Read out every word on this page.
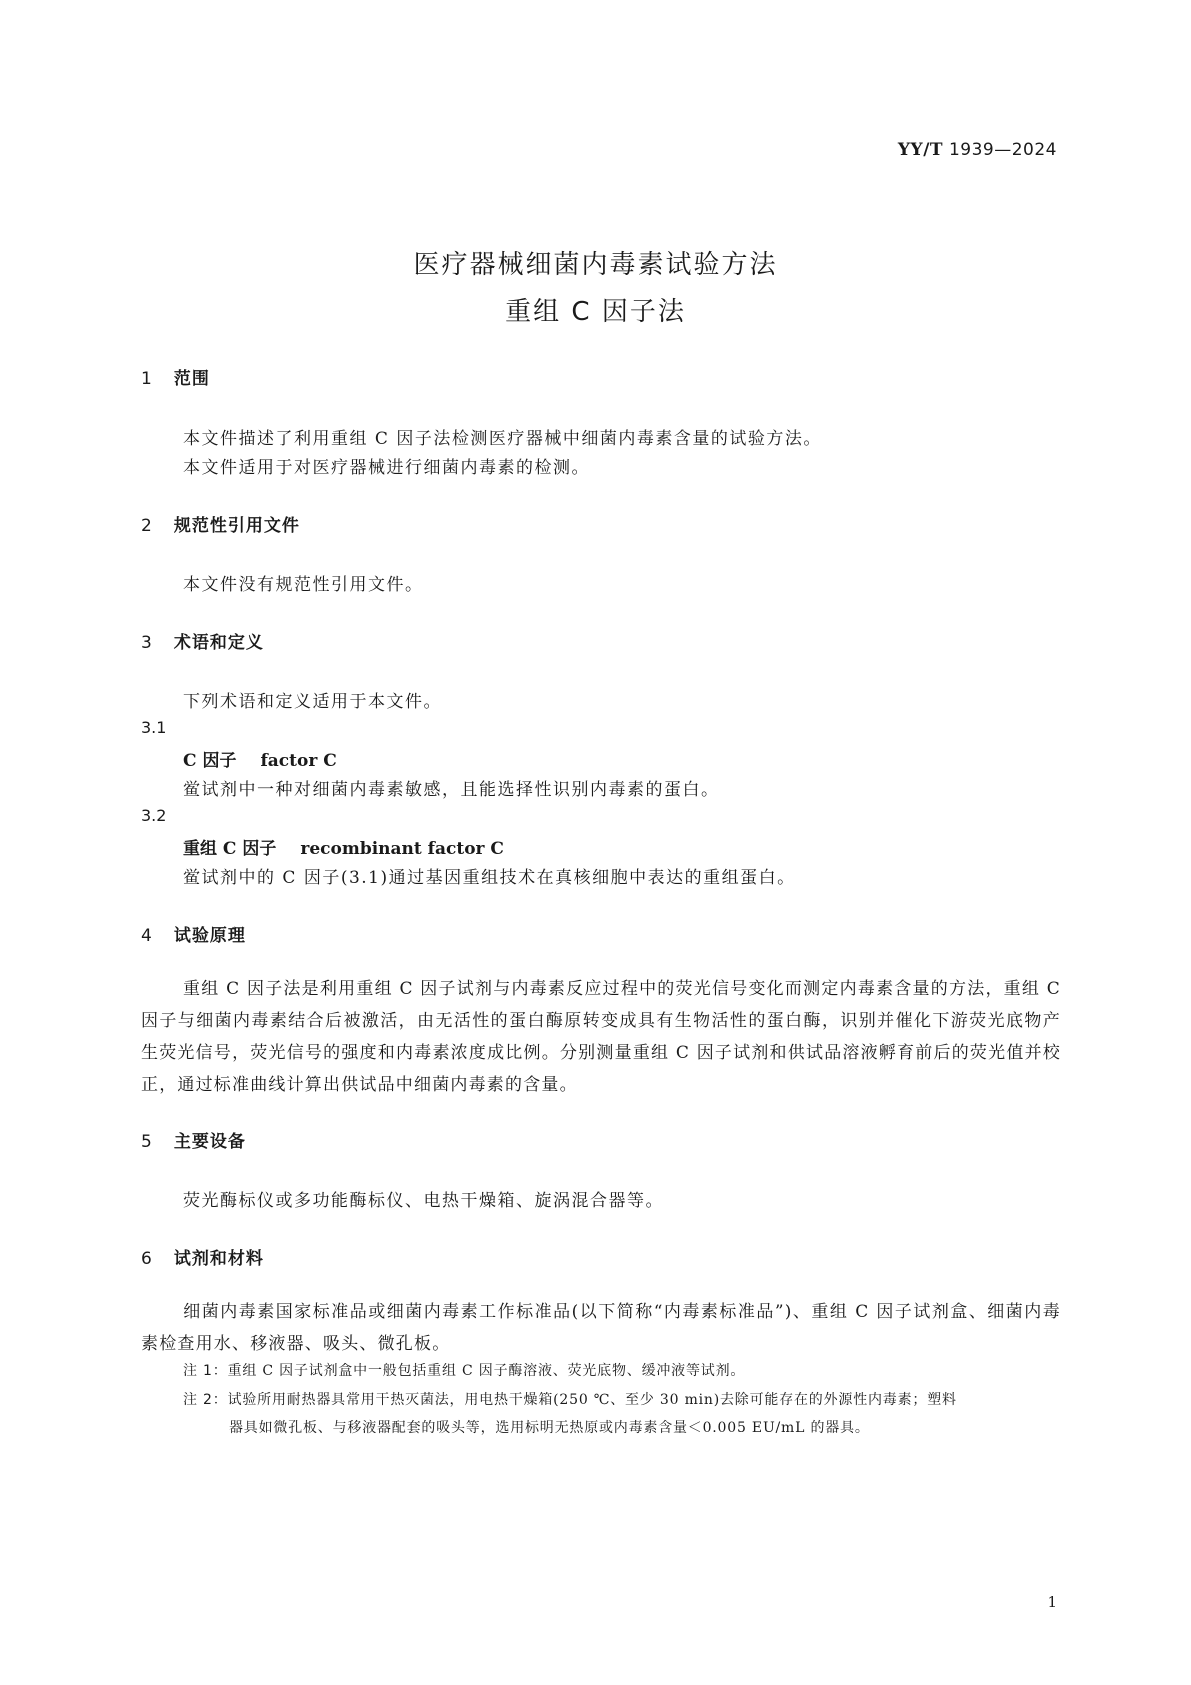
YY/T 1939—2024
医疗器械细菌内毒素试验方法
重组 C 因子法
1 范围
本文件描述了利用重组 C 因子法检测医疗器械中细菌内毒素含量的试验方法。
本文件适用于对医疗器械进行细菌内毒素的检测。
2 规范性引用文件
本文件没有规范性引用文件。
3 术语和定义
下列术语和定义适用于本文件。
3.1
C 因子 factor C
鲎试剂中一种对细菌内毒素敏感，且能选择性识别内毒素的蛋白。
3.2
重组 C 因子 recombinant factor C
鲎试剂中的 C 因子(3.1)通过基因重组技术在真核细胞中表达的重组蛋白。
4 试验原理
重组 C 因子法是利用重组 C 因子试剂与内毒素反应过程中的荧光信号变化而测定内毒素含量的方法，重组 C 因子与细菌内毒素结合后被激活，由无活性的蛋白酶原转变成具有生物活性的蛋白酶，识别并催化下游荧光底物产生荧光信号，荧光信号的强度和内毒素浓度成比例。分别测量重组 C 因子试剂和供试品溶液孵育前后的荧光值并校正，通过标准曲线计算出供试品中细菌内毒素的含量。
5 主要设备
荧光酶标仪或多功能酶标仪、电热干燥箱、旋涡混合器等。
6 试剂和材料
细菌内毒素国家标准品或细菌内毒素工作标准品(以下简称“内毒素标准品”)、重组 C 因子试剂盒、细菌内毒素检查用水、移液器、吸头、微孔板。
注 1：重组 C 因子试剂盒中一般包括重组 C 因子酶溶液、荧光底物、缓冲液等试剂。
注 2：试验所用耐热器具常用干热灭菌法，用电热干燥箱(250 ℃、至少 30 min)去除可能存在的外源性内毒素；塑料
器具如微孔板、与移液器配套的吸头等，选用标明无热原或内毒素含量＜0.005 EU/mL 的器具。
1
